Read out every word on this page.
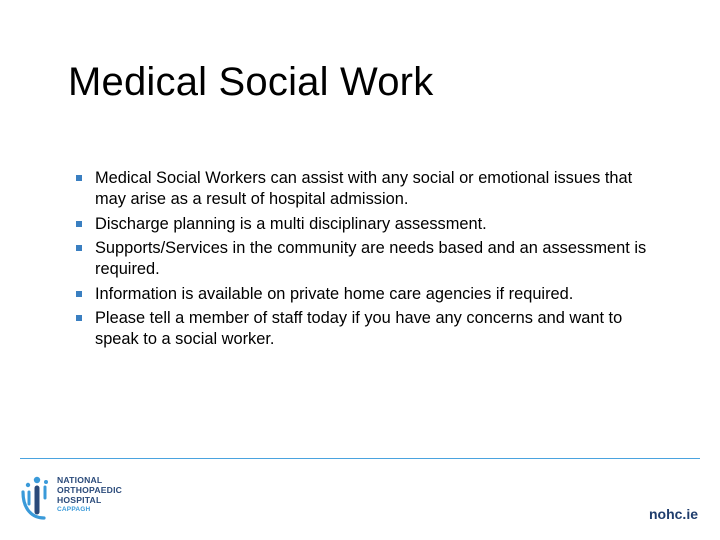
Medical Social Work
Medical Social Workers can assist with any social or emotional issues that may arise as a result of hospital admission.
Discharge planning is a multi disciplinary assessment.
Supports/Services in the community are needs based and an assessment is required.
Information is available on private home care agencies if required.
Please tell a member of staff today if you have any concerns and want to speak to a social worker.
NATIONAL
ORTHOPAEDIC
HOSPITAL
CAPPAGH	nohc.ie
